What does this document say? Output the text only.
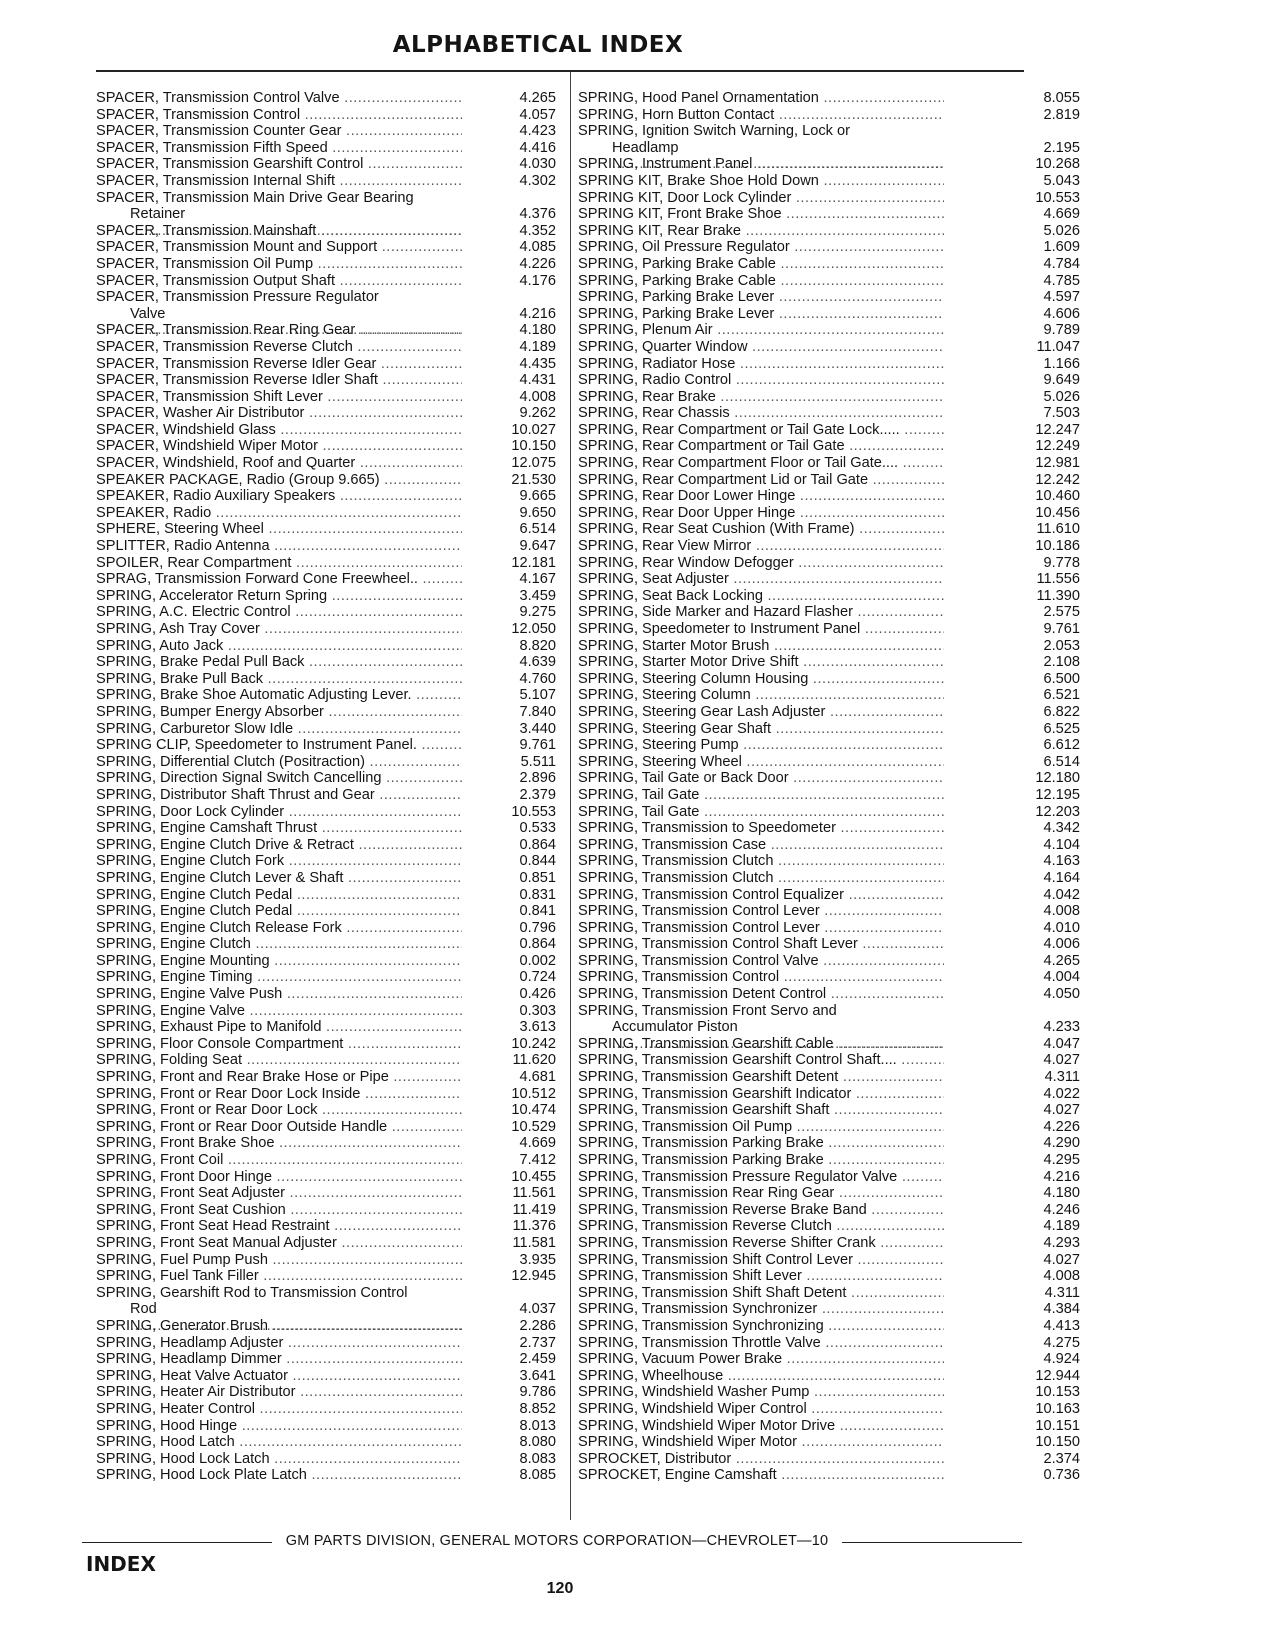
ALPHABETICAL INDEX
SPACER, Transmission Control Valve .....	4.265
SPACER, Transmission Control .....	4.057
SPACER, Transmission Counter Gear .....	4.423
SPACER, Transmission Fifth Speed .....	4.416
SPACER, Transmission Gearshift Control .....	4.030
SPACER, Transmission Internal Shift .....	4.302
SPACER, Transmission Main Drive Gear Bearing
Retainer .....	4.376
SPACER, Transmission Mainshaft .....	4.352
SPACER, Transmission Mount and Support .....	4.085
SPACER, Transmission Oil Pump .....	4.226
SPACER, Transmission Output Shaft .....	4.176
SPACER, Transmission Pressure Regulator
Valve .....	4.216
SPACER, Transmission Rear Ring Gear .....	4.180
SPACER, Transmission Reverse Clutch .....	4.189
SPACER, Transmission Reverse Idler Gear .....	4.435
SPACER, Transmission Reverse Idler Shaft .....	4.431
SPACER, Transmission Shift Lever .....	4.008
SPACER, Washer Air Distributor .....	9.262
SPACER, Windshield Glass .....	10.027
SPACER, Windshield Wiper Motor .....	10.150
SPACER, Windshield, Roof and Quarter .....	12.075
SPEAKER PACKAGE, Radio (Group 9.665) .....	21.530
SPEAKER, Radio Auxiliary Speakers .....	9.665
SPEAKER, Radio .....	9.650
SPHERE, Steering Wheel .....	6.514
SPLITTER, Radio Antenna .....	9.647
SPOILER, Rear Compartment .....	12.181
SPRAG, Transmission Forward Cone Freewheel.. .....	4.167
SPRING, Accelerator Return Spring .....	3.459
SPRING, A.C. Electric Control .....	9.275
SPRING, Ash Tray Cover .....	12.050
SPRING, Auto Jack .....	8.820
SPRING, Brake Pedal Pull Back .....	4.639
SPRING, Brake Pull Back .....	4.760
SPRING, Brake Shoe Automatic Adjusting Lever. .....	5.107
SPRING, Bumper Energy Absorber .....	7.840
SPRING, Carburetor Slow Idle .....	3.440
SPRING CLIP, Speedometer to Instrument Panel. .....	9.761
SPRING, Differential Clutch (Positraction) .....	5.511
SPRING, Direction Signal Switch Cancelling .....	2.896
SPRING, Distributor Shaft Thrust and Gear .....	2.379
SPRING, Door Lock Cylinder .....	10.553
SPRING, Engine Camshaft Thrust .....	0.533
SPRING, Engine Clutch Drive & Retract .....	0.864
SPRING, Engine Clutch Fork .....	0.844
SPRING, Engine Clutch Lever & Shaft .....	0.851
SPRING, Engine Clutch Pedal .....	0.831
SPRING, Engine Clutch Pedal .....	0.841
SPRING, Engine Clutch Release Fork .....	0.796
SPRING, Engine Clutch .....	0.864
SPRING, Engine Mounting .....	0.002
SPRING, Engine Timing .....	0.724
SPRING, Engine Valve Push .....	0.426
SPRING, Engine Valve .....	0.303
SPRING, Exhaust Pipe to Manifold .....	3.613
SPRING, Floor Console Compartment .....	10.242
SPRING, Folding Seat .....	11.620
SPRING, Front and Rear Brake Hose or Pipe .....	4.681
SPRING, Front or Rear Door Lock Inside .....	10.512
SPRING, Front or Rear Door Lock .....	10.474
SPRING, Front or Rear Door Outside Handle .....	10.529
SPRING, Front Brake Shoe .....	4.669
SPRING, Front Coil .....	7.412
SPRING, Front Door Hinge .....	10.455
SPRING, Front Seat Adjuster .....	11.561
SPRING, Front Seat Cushion .....	11.419
SPRING, Front Seat Head Restraint .....	11.376
SPRING, Front Seat Manual Adjuster .....	11.581
SPRING, Fuel Pump Push .....	3.935
SPRING, Fuel Tank Filler .....	12.945
SPRING, Gearshift Rod to Transmission Control
Rod .....	4.037
SPRING, Generator Brush .....	2.286
SPRING, Headlamp Adjuster .....	2.737
SPRING, Headlamp Dimmer .....	2.459
SPRING, Heat Valve Actuator .....	3.641
SPRING, Heater Air Distributor .....	9.786
SPRING, Heater Control .....	8.852
SPRING, Hood Hinge .....	8.013
SPRING, Hood Latch .....	8.080
SPRING, Hood Lock Latch .....	8.083
SPRING, Hood Lock Plate Latch .....	8.085
SPRING, Hood Panel Ornamentation .....	8.055
SPRING, Horn Button Contact .....	2.819
SPRING, Ignition Switch Warning, Lock or
Headlamp .....	2.195
SPRING, Instrument Panel .....	10.268
SPRING KIT, Brake Shoe Hold Down .....	5.043
SPRING KIT, Door Lock Cylinder .....	10.553
SPRING KIT, Front Brake Shoe .....	4.669
SPRING KIT, Rear Brake .....	5.026
SPRING, Oil Pressure Regulator .....	1.609
SPRING, Parking Brake Cable .....	4.784
SPRING, Parking Brake Cable .....	4.785
SPRING, Parking Brake Lever .....	4.597
SPRING, Parking Brake Lever .....	4.606
SPRING, Plenum Air .....	9.789
SPRING, Quarter Window .....	11.047
SPRING, Radiator Hose .....	1.166
SPRING, Radio Control .....	9.649
SPRING, Rear Brake .....	5.026
SPRING, Rear Chassis .....	7.503
SPRING, Rear Compartment or Tail Gate Lock..... .....	12.247
SPRING, Rear Compartment or Tail Gate .....	12.249
SPRING, Rear Compartment Floor or Tail Gate.... .....	12.981
SPRING, Rear Compartment Lid or Tail Gate .....	12.242
SPRING, Rear Door Lower Hinge .....	10.460
SPRING, Rear Door Upper Hinge .....	10.456
SPRING, Rear Seat Cushion (With Frame) .....	11.610
SPRING, Rear View Mirror .....	10.186
SPRING, Rear Window Defogger .....	9.778
SPRING, Seat Adjuster .....	11.556
SPRING, Seat Back Locking .....	11.390
SPRING, Side Marker and Hazard Flasher .....	2.575
SPRING, Speedometer to Instrument Panel .....	9.761
SPRING, Starter Motor Brush .....	2.053
SPRING, Starter Motor Drive Shift .....	2.108
SPRING, Steering Column Housing .....	6.500
SPRING, Steering Column .....	6.521
SPRING, Steering Gear Lash Adjuster .....	6.822
SPRING, Steering Gear Shaft .....	6.525
SPRING, Steering Pump .....	6.612
SPRING, Steering Wheel .....	6.514
SPRING, Tail Gate or Back Door .....	12.180
SPRING, Tail Gate .....	12.195
SPRING, Tail Gate .....	12.203
SPRING, Transmission to Speedometer .....	4.342
SPRING, Transmission Case .....	4.104
SPRING, Transmission Clutch .....	4.163
SPRING, Transmission Clutch .....	4.164
SPRING, Transmission Control Equalizer .....	4.042
SPRING, Transmission Control Lever .....	4.008
SPRING, Transmission Control Lever .....	4.010
SPRING, Transmission Control Shaft Lever .....	4.006
SPRING, Transmission Control Valve .....	4.265
SPRING, Transmission Control .....	4.004
SPRING, Transmission Detent Control .....	4.050
SPRING, Transmission Front Servo and
Accumulator Piston .....	4.233
SPRING, Transmission Gearshift Cable .....	4.047
SPRING, Transmission Gearshift Control Shaft.... .....	4.027
SPRING, Transmission Gearshift Detent .....	4.311
SPRING, Transmission Gearshift Indicator .....	4.022
SPRING, Transmission Gearshift Shaft .....	4.027
SPRING, Transmission Oil Pump .....	4.226
SPRING, Transmission Parking Brake .....	4.290
SPRING, Transmission Parking Brake .....	4.295
SPRING, Transmission Pressure Regulator Valve .....	4.216
SPRING, Transmission Rear Ring Gear .....	4.180
SPRING, Transmission Reverse Brake Band .....	4.246
SPRING, Transmission Reverse Clutch .....	4.189
SPRING, Transmission Reverse Shifter Crank .....	4.293
SPRING, Transmission Shift Control Lever .....	4.027
SPRING, Transmission Shift Lever .....	4.008
SPRING, Transmission Shift Shaft Detent .....	4.311
SPRING, Transmission Synchronizer .....	4.384
SPRING, Transmission Synchronizing .....	4.413
SPRING, Transmission Throttle Valve .....	4.275
SPRING, Vacuum Power Brake .....	4.924
SPRING, Wheelhouse .....	12.944
SPRING, Windshield Washer Pump .....	10.153
SPRING, Windshield Wiper Control .....	10.163
SPRING, Windshield Wiper Motor Drive .....	10.151
SPRING, Windshield Wiper Motor .....	10.150
SPROCKET, Distributor .....	2.374
SPROCKET, Engine Camshaft .....	0.736
GM PARTS DIVISION, GENERAL MOTORS CORPORATION—CHEVROLET—10
INDEX
120
